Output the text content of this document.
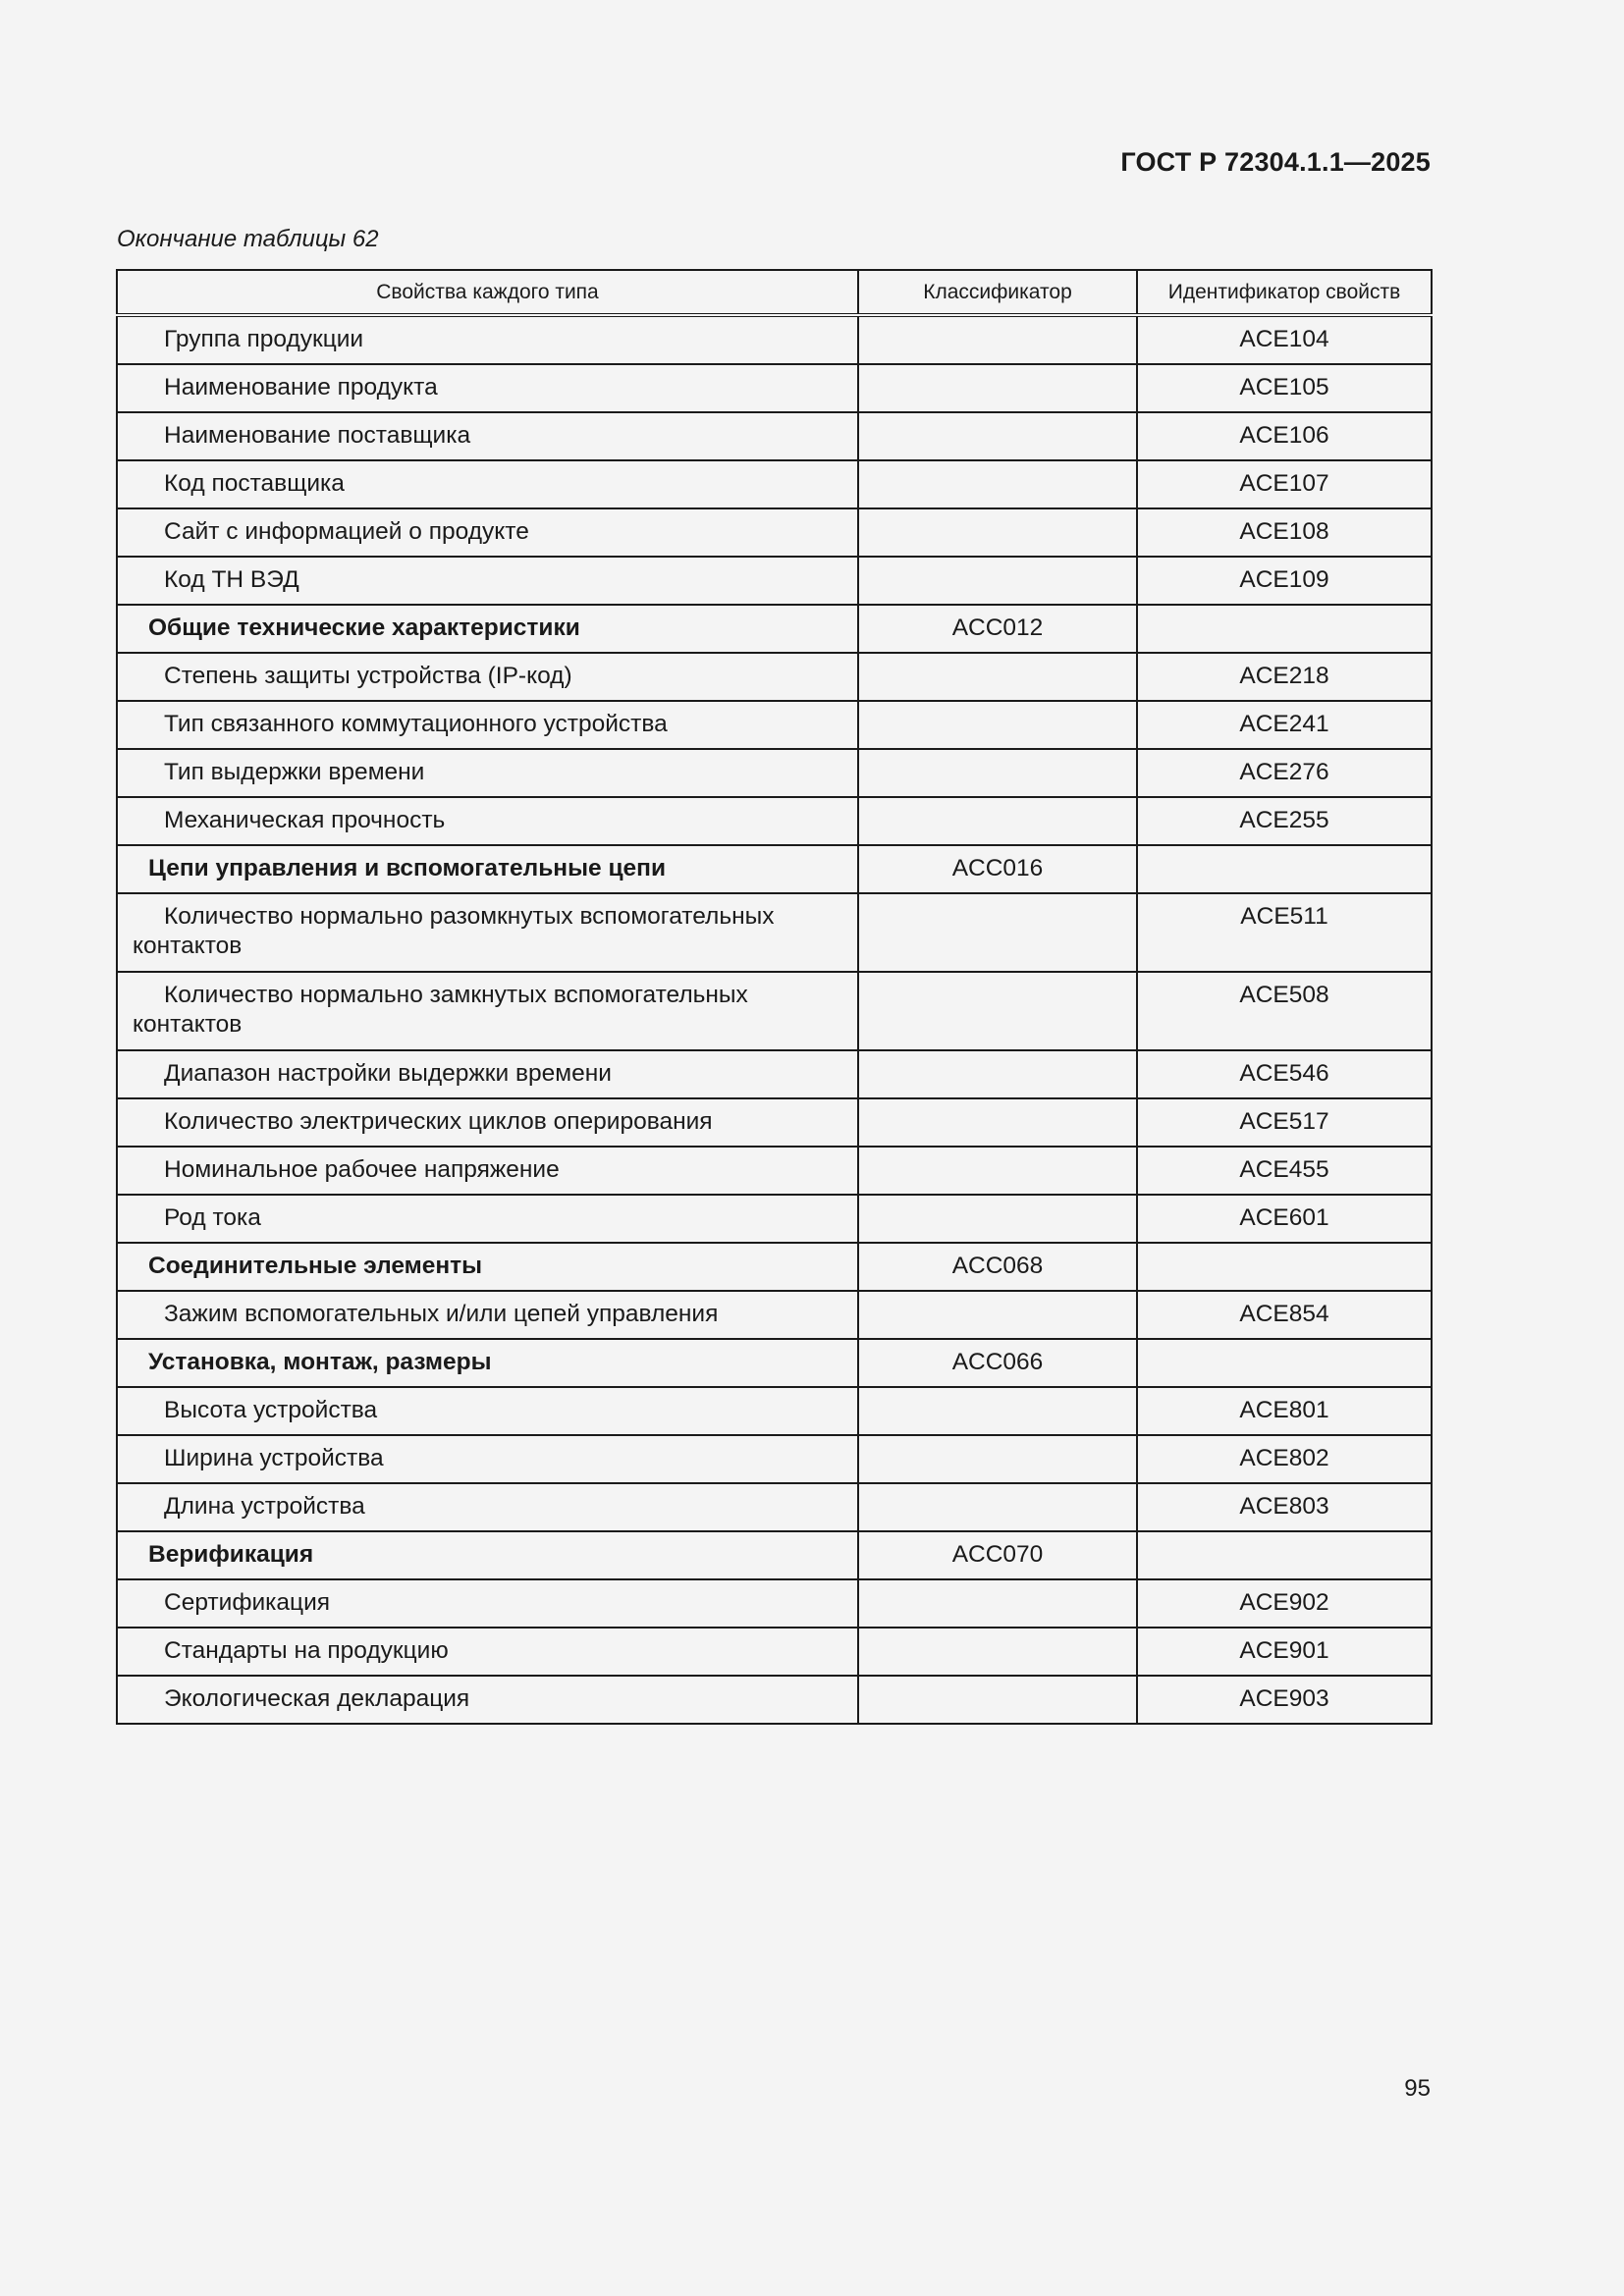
ГОСТ Р 72304.1.1—2025
Окончание таблицы 62
Свойства каждого типа	Классификатор	Идентификатор свойств
Группа продукции		ACE104
Наименование продукта		ACE105
Наименование поставщика		ACE106
Код поставщика		ACE107
Сайт с информацией о продукте		ACE108
Код ТН ВЭД		ACE109
Общие технические характеристики	ACC012	
Степень защиты устройства (IP-код)		ACE218
Тип связанного коммутационного устройства		ACE241
Тип выдержки времени		ACE276
Механическая прочность		ACE255
Цепи управления и вспомогательные цепи	ACC016	
Количество нормально разомкнутых вспомогательных контактов		ACE511
Количество нормально замкнутых вспомогательных контактов		ACE508
Диапазон настройки выдержки времени		ACE546
Количество электрических циклов оперирования		ACE517
Номинальное рабочее напряжение		ACE455
Род тока		ACE601
Соединительные элементы	ACC068	
Зажим вспомогательных и/или цепей управления		ACE854
Установка, монтаж, размеры	ACC066	
Высота устройства		ACE801
Ширина устройства		ACE802
Длина устройства		ACE803
Верификация	ACC070	
Сертификация		ACE902
Стандарты на продукцию		ACE901
Экологическая декларация		ACE903
95
